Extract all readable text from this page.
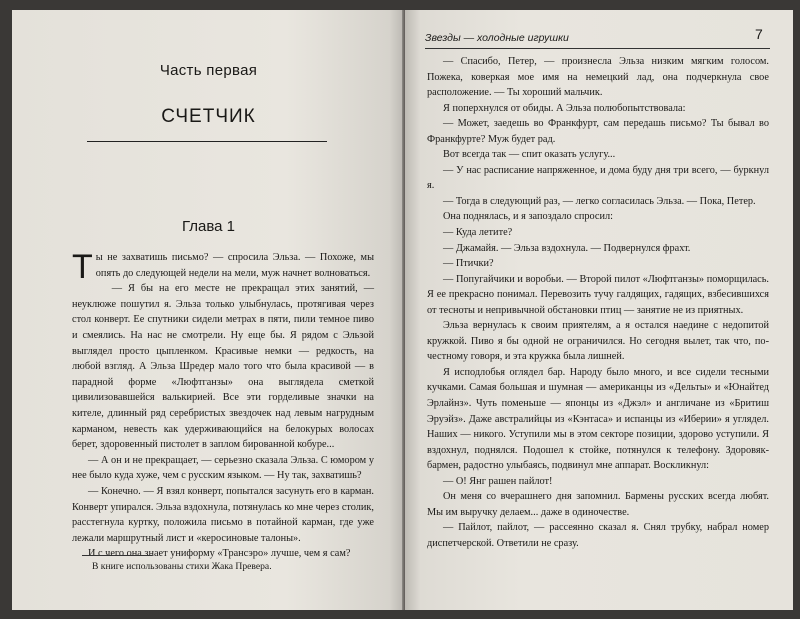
Часть первая
СЧЕТЧИК
Глава 1

Ты не захватишь письмо? — спросила Эльза. — Похоже, мы опять до следующей недели на мели, муж начнет волноваться.

— Я бы на его месте не прекращал этих занятий, — неуклюже пошутил я. Эльза только улыбнулась, протягивая через стол конверт. Ее спутники сидели метрах в пяти, пили темное пиво и смеялись. На нас не смотрели. Ну еще бы. Я рядом с Эльзой выглядел просто цыпленком. Красивые немки — редкость, на любой взгляд. А Эльза Шредер мало того что была красивой — в парадной форме «Люфтганзы» она выглядела сметкой цивилизовавшейся валькирией. Все эти горделивые значки на кителе, длинный ряд серебристых звездочек над левым нагрудным карманом, невесть как удерживающийся на белокурых волосах берет, здоровенный пистолет в заплом бированной кобуре...

— А он и не прекращает, — серьезно сказала Эльза. С юмором у нее было куда хуже, чем с русским языком. — Ну так, захватишь?

— Конечно. — Я взял конверт, попытался засунуть его в карман. Конверт упирался. Эльза вздохнула, потянулась ко мне через столик, расстегнула куртку, положила письмо в потайной карман, где уже лежали маршрутный лист и «керосиновые талоны».

И с чего она знает униформу «Трансэро» лучше, чем я сам?

В книге использованы стихи Жака Превера.
Звезды — холодные игрушки	7

— Спасибо, Петер, — произнесла Эльза низким мягким голосом. Пожека, коверкая мое имя на немецкий лад, она подчеркнула свое расположение. — Ты хороший мальчик.

Я поперхнулся от обиды. А Эльза полюбопытствовала:

— Может, заедешь во Франкфурт, сам передашь письмо? Ты бывал во Франкфурте? Муж будет рад.

Вот всегда так — спит оказать услугу...

— У нас расписание напряженное, и дома буду дня три всего, — буркнул я.

— Тогда в следующий раз, — легко согласилась Эльза. — Пока, Петер.

Она поднялась, и я запоздало спросил:

— Куда летите?

— Джамайя. — Эльза вздохнула. — Подвернулся фрахт.

— Птички?

— Попугайчики и воробьи. — Второй пилот «Люфтганзы» поморщилась. Я ее прекрасно понимал. Перевозить тучу галдящих, гадящих, взбесившихся от тесноты и непривычной обстановки птиц — занятие не из приятных.

Эльза вернулась к своим приятелям, а я остался наедине с недопитой кружкой. Пиво я бы одной не ограничился. Но сегодня вылет, так что, по-честному говоря, и эта кружка была лишней.

Я исподлобья оглядел бар. Народу было много, и все сидели тесными кучками. Самая большая и шумная — американцы из «Дельты» и «Юнайтед Эрлайнз». Чуть поменьше — японцы из «Джэл» и англичане из «Бритиш Эруэйз». Даже австралийцы из «Кэнтаса» и испанцы из «Иберии» я углядел. Наших — никого. Уступили мы в этом секторе позиции, здорово уступили. Я вздохнул, поднялся. Подошел к стойке, потянулся к телефону. Здоровяк-бармен, радостно улыбаясь, подвинул мне аппарат. Воскликнул:

— О! Янг рашен пайлот!

Он меня со вчерашнего дня запомнил. Бармены русских всегда любят. Мы им выручку делаем... даже в одиночестве.

— Пайлот, пайлот, — рассеянно сказал я. Снял трубку, набрал номер диспетчерской. Ответили не сразу.
